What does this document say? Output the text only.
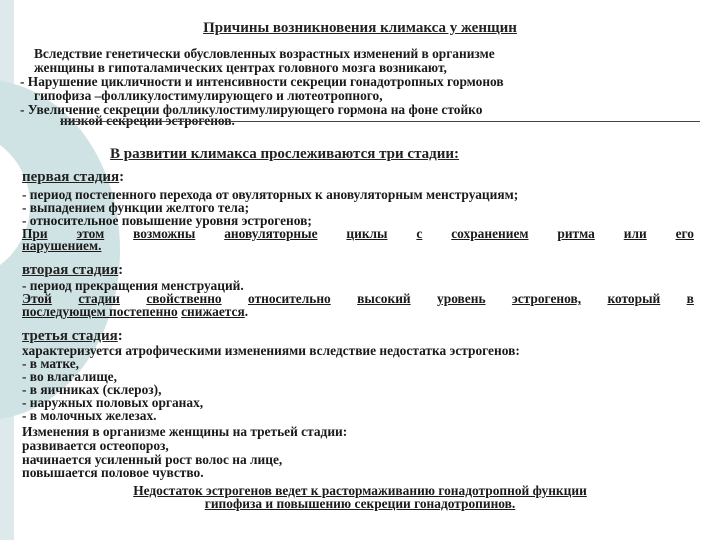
Причины возникновения климакса у женщин
Вследствие генетически обусловленных возрастных изменений в организме
женщины в гипоталамических центрах головного мозга возникают,
- Нарушение цикличности и интенсивности секреции гонадотропных гормонов
гипофиза –фолликулостимулирующего и лютеотропного,
- Увеличение секреции фолликулостимулирующего гормона на фоне стойко
низкой секреции эстрогенов.
В развитии климакса прослеживаются три стадии:
первая стадия:
- период постепенного перехода от овуляторных к ановуляторным менструациям;
- выпадением функции желтого тела;
- относительное повышение уровня эстрогенов;
При этом возможны ановуляторные циклы с сохранением ритма или его
нарушением.
вторая стадия:
- период прекращения менструаций.
Этой стадии свойственно относительно высокий уровень эстрогенов, который в
последующем постепенно снижается.
третья стадия:
характеризуется атрофическими изменениями вследствие недостатка эстрогенов:
- в матке,
- во влагалище,
- в яичниках (склероз),
- наружных половых органах,
- в молочных железах.
Изменения в организме женщины на третьей стадии:
развивается остеопороз,
начинается усиленный рост волос на лице,
повышается половое чувство.
Недостаток эстрогенов ведет к растормаживанию гонадотропной функции
гипофиза и повышению секреции гонадотропинов.
